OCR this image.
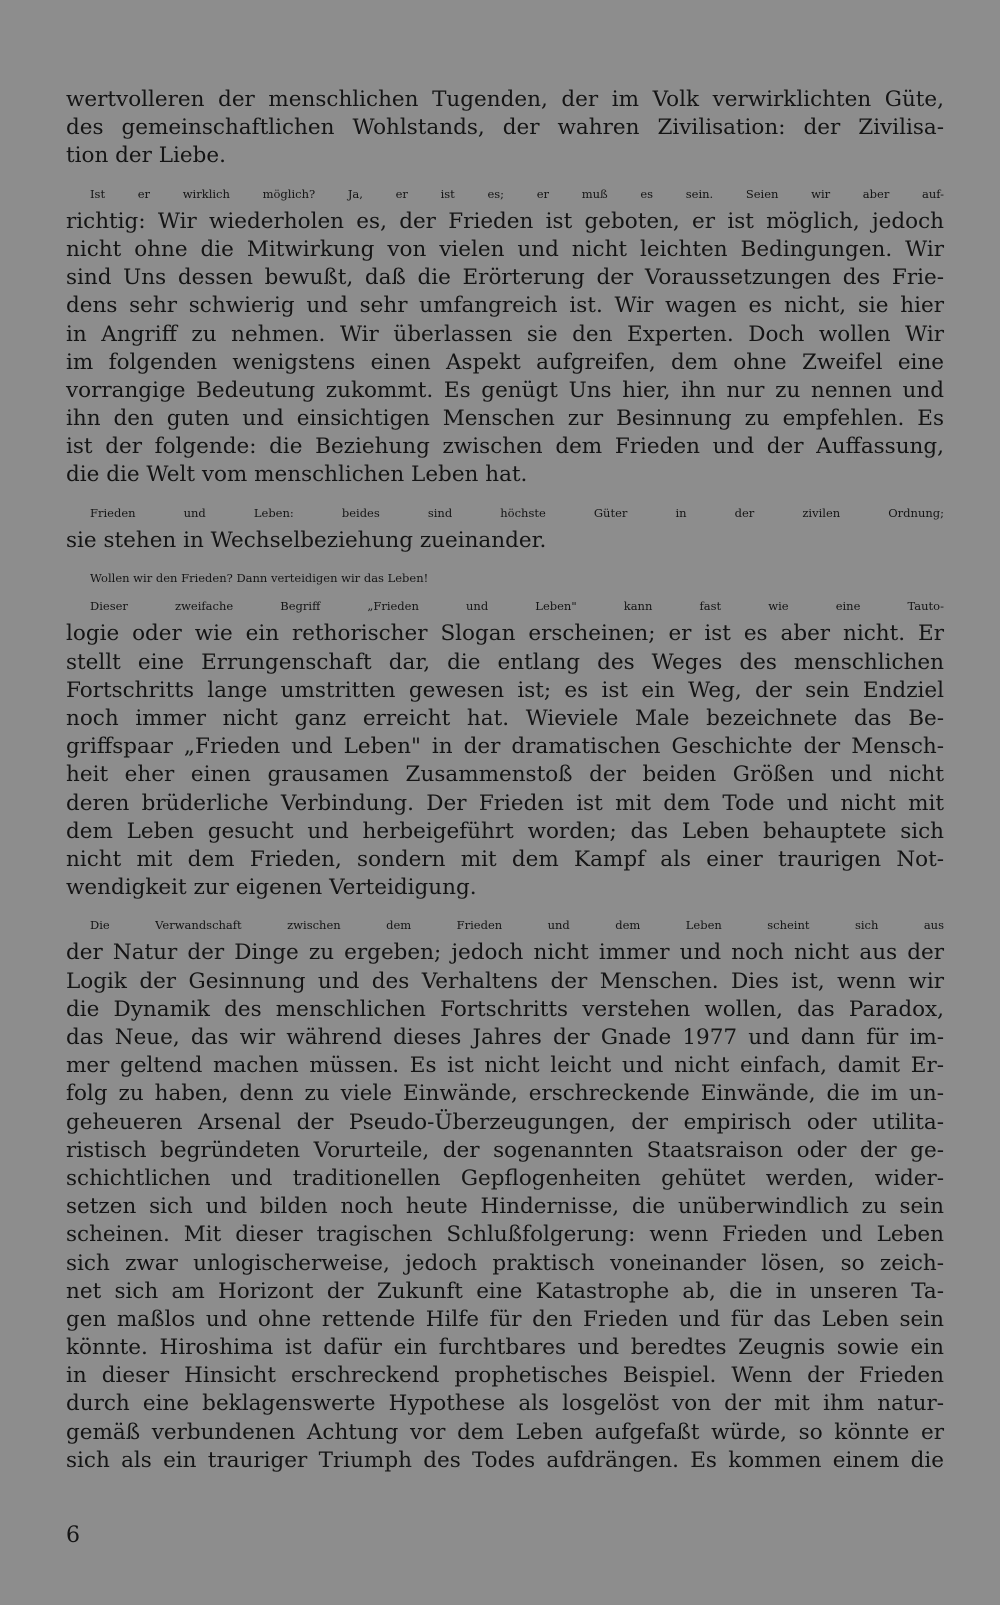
wertvolleren der menschlichen Tugenden, der im Volk verwirklichten Güte,
des gemeinschaftlichen Wohlstands, der wahren Zivilisation: der Zivilisa-
tion der Liebe.
Ist er wirklich möglich? Ja, er ist es; er muß es sein. Seien wir aber auf-
richtig: Wir wiederholen es, der Frieden ist geboten, er ist möglich, jedoch
nicht ohne die Mitwirkung von vielen und nicht leichten Bedingungen. Wir
sind Uns dessen bewußt, daß die Erörterung der Voraussetzungen des Frie-
dens sehr schwierig und sehr umfangreich ist. Wir wagen es nicht, sie hier
in Angriff zu nehmen. Wir überlassen sie den Experten. Doch wollen Wir
im folgenden wenigstens einen Aspekt aufgreifen, dem ohne Zweifel eine
vorrangige Bedeutung zukommt. Es genügt Uns hier, ihn nur zu nennen und
ihn den guten und einsichtigen Menschen zur Besinnung zu empfehlen. Es
ist der folgende: die Beziehung zwischen dem Frieden und der Auffassung,
die die Welt vom menschlichen Leben hat.
Frieden und Leben: beides sind höchste Güter in der zivilen Ordnung;
sie stehen in Wechselbeziehung zueinander.
Wollen wir den Frieden? Dann verteidigen wir das Leben!
Dieser zweifache Begriff „Frieden und Leben" kann fast wie eine Tauto-
logie oder wie ein rethorischer Slogan erscheinen; er ist es aber nicht. Er
stellt eine Errungenschaft dar, die entlang des Weges des menschlichen
Fortschritts lange umstritten gewesen ist; es ist ein Weg, der sein Endziel
noch immer nicht ganz erreicht hat. Wieviele Male bezeichnete das Be-
griffspaar „Frieden und Leben" in der dramatischen Geschichte der Mensch-
heit eher einen grausamen Zusammenstoß der beiden Größen und nicht
deren brüderliche Verbindung. Der Frieden ist mit dem Tode und nicht mit
dem Leben gesucht und herbeigeführt worden; das Leben behauptete sich
nicht mit dem Frieden, sondern mit dem Kampf als einer traurigen Not-
wendigkeit zur eigenen Verteidigung.
Die Verwandschaft zwischen dem Frieden und dem Leben scheint sich aus
der Natur der Dinge zu ergeben; jedoch nicht immer und noch nicht aus der
Logik der Gesinnung und des Verhaltens der Menschen. Dies ist, wenn wir
die Dynamik des menschlichen Fortschritts verstehen wollen, das Paradox,
das Neue, das wir während dieses Jahres der Gnade 1977 und dann für im-
mer geltend machen müssen. Es ist nicht leicht und nicht einfach, damit Er-
folg zu haben, denn zu viele Einwände, erschreckende Einwände, die im un-
geheueren Arsenal der Pseudo-Überzeugungen, der empirisch oder utilita-
ristisch begründeten Vorurteile, der sogenannten Staatsraison oder der ge-
schichtlichen und traditionellen Gepflogenheiten gehütet werden, wider-
setzen sich und bilden noch heute Hindernisse, die unüberwindlich zu sein
scheinen. Mit dieser tragischen Schlußfolgerung: wenn Frieden und Leben
sich zwar unlogischerweise, jedoch praktisch voneinander lösen, so zeich-
net sich am Horizont der Zukunft eine Katastrophe ab, die in unseren Ta-
gen maßlos und ohne rettende Hilfe für den Frieden und für das Leben sein
könnte. Hiroshima ist dafür ein furchtbares und beredtes Zeugnis sowie ein
in dieser Hinsicht erschreckend prophetisches Beispiel. Wenn der Frieden
durch eine beklagenswerte Hypothese als losgelöst von der mit ihm natur-
gemäß verbundenen Achtung vor dem Leben aufgefaßt würde, so könnte er
sich als ein trauriger Triumph des Todes aufdrängen. Es kommen einem die
6
